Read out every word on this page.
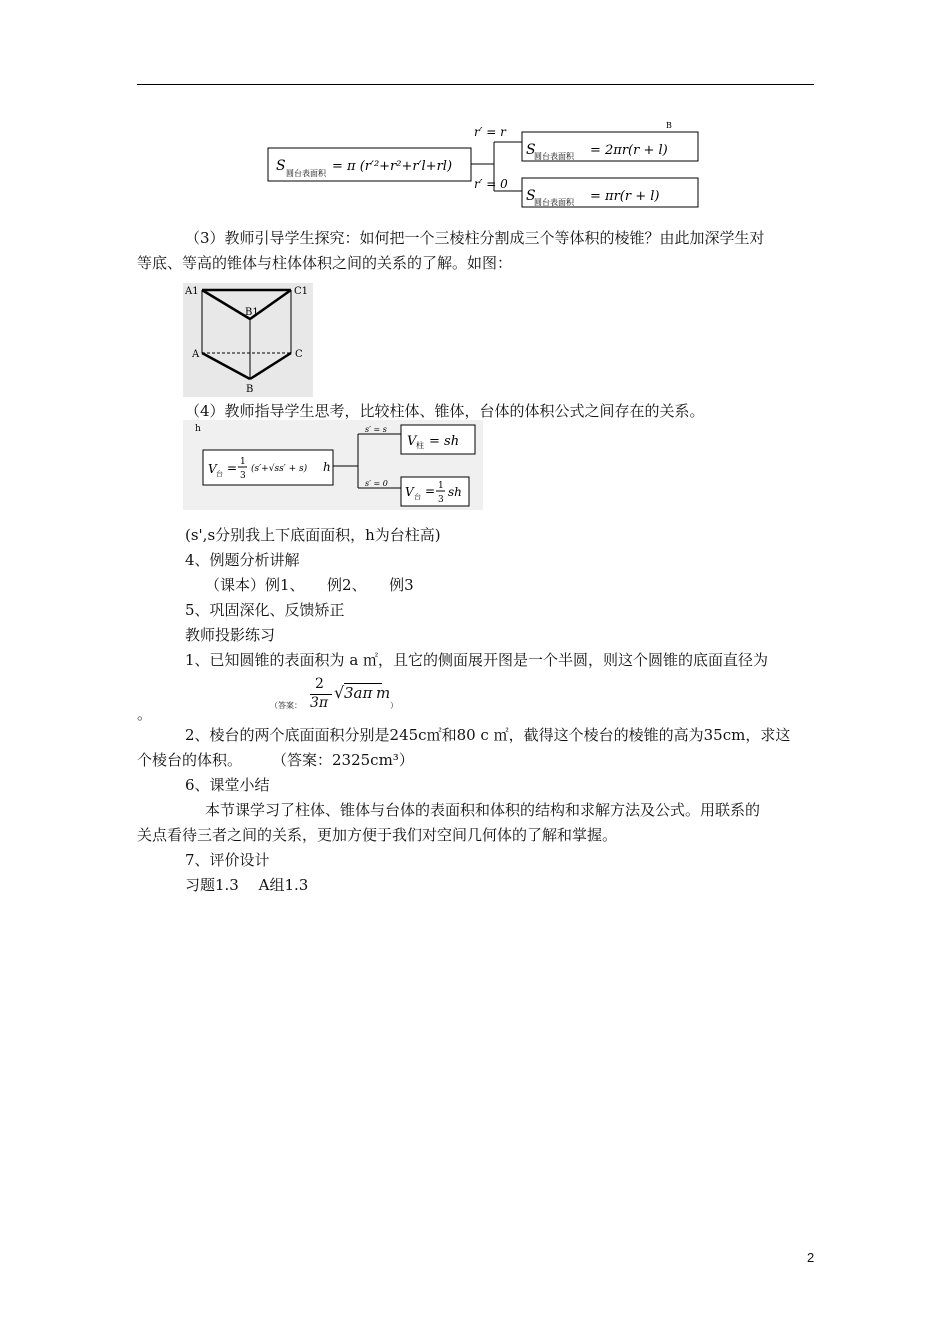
S 圆台表面积 = π (r′²+r²+r′l+rl)
r′ = r
r′ = 0
S
圆台表面积 = 2πr(r + l)
S
圆台表面积 = πr(r + l)
B
（3）教师引导学生探究：如何把一个三棱柱分割成三个等体积的棱锥？由此加深学生对
等底、等高的锥体与柱体体积之间的关系的了解。如图：
A1
B1
C1
A	C
B
（4）教师指导学生思考，比较柱体、锥体，台体的体积公式之间存在的关系。
h
V 台 = 1
3
(s′+√ss′ + s) h
s′ = s
s′ = 0
V 柱 = sh
V 台 = 1
3
sh
(s',s分别我上下底面面积，h为台柱高)
4、例题分析讲解
（课本）例1、　　例2、　　例3
5、巩固深化、反馈矫正
教师投影练习
1、已知圆锥的表面积为 a ㎡，且它的侧面展开图是一个半圆，则这个圆锥的底面直径为
（答案：
2
3π
√ 3aπ m
）
。
2、棱台的两个底面面积分别是245c㎡和80 c ㎡，截得这个棱台的棱锥的高为35cm，求这
个棱台的体积。　　　（答案：2325cm³）
6、课堂小结
本节课学习了柱体、锥体与台体的表面积和体积的结构和求解方法及公式。用联系的
关点看待三者之间的关系，更加方便于我们对空间几何体的了解和掌握。
7、评价设计
习题1.3　 A组1.3
2
